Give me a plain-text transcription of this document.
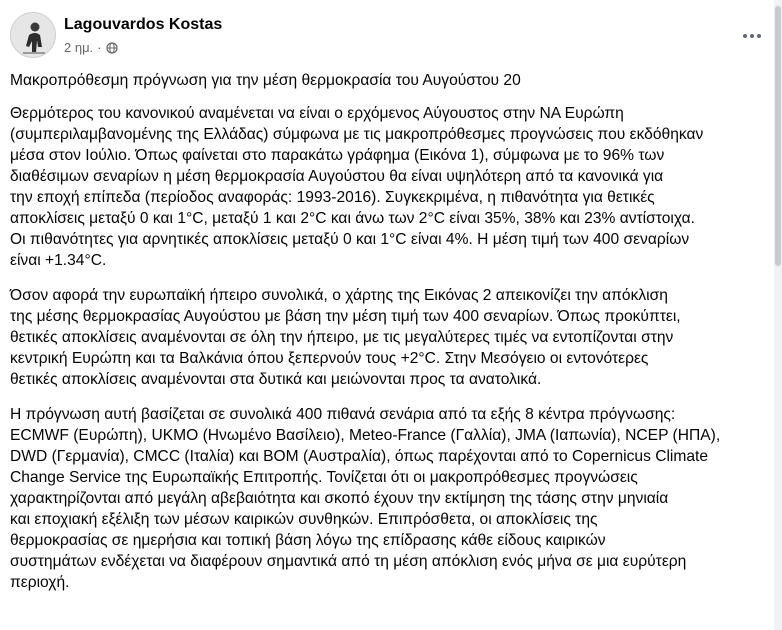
Lagouvardos Kostas
2 ημ. ·

Μακροπρόθεσμη πρόγνωση για την μέση θερμοκρασία του Αυγούστου 20

Θερμότερος του κανονικού αναμένεται να είναι ο ερχόμενος Αύγουστος στην ΝΑ Ευρώπη
(συμπεριλαμβανομένης της Ελλάδας) σύμφωνα με τις μακροπρόθεσμες προγνώσεις που εκδόθηκαν
μέσα στον Ιούλιο. Όπως φαίνεται στο παρακάτω γράφημα (Εικόνα 1), σύμφωνα με το 96% των
διαθέσιμων σεναρίων η μέση θερμοκρασία Αυγούστου θα είναι υψηλότερη από τα κανονικά για
την εποχή επίπεδα (περίοδος αναφοράς: 1993-2016). Συγκεκριμένα, η πιθανότητα για θετικές
αποκλίσεις μεταξύ 0 και 1°C, μεταξύ 1 και 2°C και άνω των 2°C είναι 35%, 38% και 23% αντίστοιχα.
Οι πιθανότητες για αρνητικές αποκλίσεις μεταξύ 0 και 1°C είναι 4%. Η μέση τιμή των 400 σεναρίων
είναι +1.34°C.

Όσον αφορά την ευρωπαϊκή ήπειρο συνολικά, ο χάρτης της Εικόνας 2 απεικονίζει την απόκλιση
της μέσης θερμοκρασίας Αυγούστου με βάση την μέση τιμή των 400 σεναρίων. Όπως προκύπτει,
θετικές αποκλίσεις αναμένονται σε όλη την ήπειρο, με τις μεγαλύτερες τιμές να εντοπίζονται στην
κεντρική Ευρώπη και τα Βαλκάνια όπου ξεπερνούν τους +2°C. Στην Μεσόγειο οι εντονότερες
θετικές αποκλίσεις αναμένονται στα δυτικά και μειώνονται προς τα ανατολικά.

Η πρόγνωση αυτή βασίζεται σε συνολικά 400 πιθανά σενάρια από τα εξής 8 κέντρα πρόγνωσης:
ECMWF (Ευρώπη), UKMO (Ηνωμένο Βασίλειο), Meteo-France (Γαλλία), JMA (Ιαπωνία), NCEP (ΗΠΑ),
DWD (Γερμανία), CMCC (Ιταλία) και BOM (Αυστραλία), όπως παρέχονται από το Copernicus Climate
Change Service της Ευρωπαϊκής Επιτροπής. Τονίζεται ότι οι μακροπρόθεσμες προγνώσεις
χαρακτηρίζονται από μεγάλη αβεβαιότητα και σκοπό έχουν την εκτίμηση της τάσης στην μηνιαία
και εποχιακή εξέλιξη των μέσων καιρικών συνθηκών. Επιπρόσθετα, οι αποκλίσεις της
θερμοκρασίας σε ημερήσια και τοπική βάση λόγω της επίδρασης κάθε είδους καιρικών
συστημάτων ενδέχεται να διαφέρουν σημαντικά από τη μέση απόκλιση ενός μήνα σε μια ευρύτερη
περιοχή.
